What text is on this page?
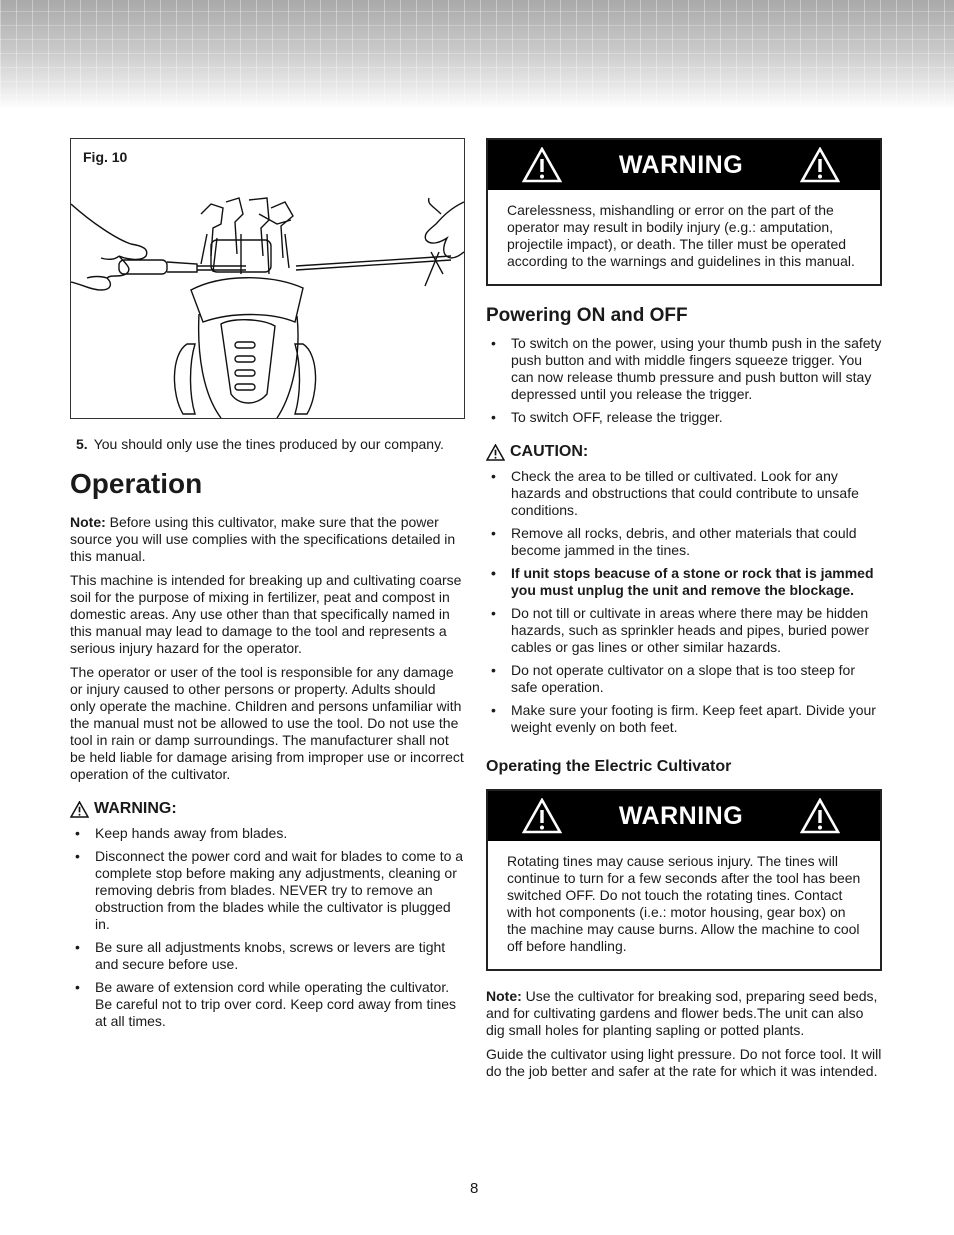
Fig. 10
5. You should only use the tines produced by our company.
Operation

Note: Before using this cultivator, make sure that the power source you will use complies with the specifications detailed in this manual.

This machine is intended for breaking up and cultivating coarse soil for the purpose of mixing in fertilizer, peat and compost in domestic areas. Any use other than that specifically named in this manual may lead to damage to the tool and represents a serious injury hazard for the operator.

The operator or user of the tool is responsible for any damage or injury caused to other persons or property. Adults should only operate the machine. Children and persons unfamiliar with the manual must not be allowed to use the tool. Do not use the tool in rain or damp surroundings. The manufacturer shall not be held liable for damage arising from improper use or incorrect operation of the cultivator.

WARNING:
• Keep hands away from blades.
• Disconnect the power cord and wait for blades to come to a complete stop before making any adjustments, cleaning or removing debris from blades. NEVER try to remove an obstruction from the blades while the cultivator is plugged in.
• Be sure all adjustments knobs, screws or levers are tight and secure before use.
• Be aware of extension cord while operating the cultivator. Be careful not to trip over cord. Keep cord away from tines at all times.
WARNING
Carelessness, mishandling or error on the part of the operator may result in bodily injury (e.g.: amputation, projectile impact), or death. The tiller must be operated according to the warnings and guidelines in this manual.
Powering ON and OFF
• To switch on the power, using your thumb push in the safety push button and with middle fingers squeeze trigger. You can now release thumb pressure and push button will stay depressed until you release the trigger.
• To switch OFF, release the trigger.
CAUTION:
• Check the area to be tilled or cultivated. Look for any hazards and obstructions that could contribute to unsafe conditions.
• Remove all rocks, debris, and other materials that could become jammed in the tines.
• If unit stops beacuse of a stone or rock that is jammed you must unplug the unit and remove the blockage.
• Do not till or cultivate in areas where there may be hidden hazards, such as sprinkler heads and pipes, buried power cables or gas lines or other similar hazards.
• Do not operate cultivator on a slope that is too steep for safe operation.
• Make sure your footing is firm. Keep feet apart. Divide your weight evenly on both feet.
Operating the Electric Cultivator
WARNING
Rotating tines may cause serious injury. The tines will continue to turn for a few seconds after the tool has been switched OFF. Do not touch the rotating tines. Contact with hot components (i.e.: motor housing, gear box) on the machine may cause burns. Allow the machine to cool off before handling.

Note: Use the cultivator for breaking sod, preparing seed beds, and for cultivating gardens and flower beds.The unit can also dig small holes for planting sapling or potted plants.

Guide the cultivator using light pressure. Do not force tool. It will do the job better and safer at the rate for which it was intended.

8
